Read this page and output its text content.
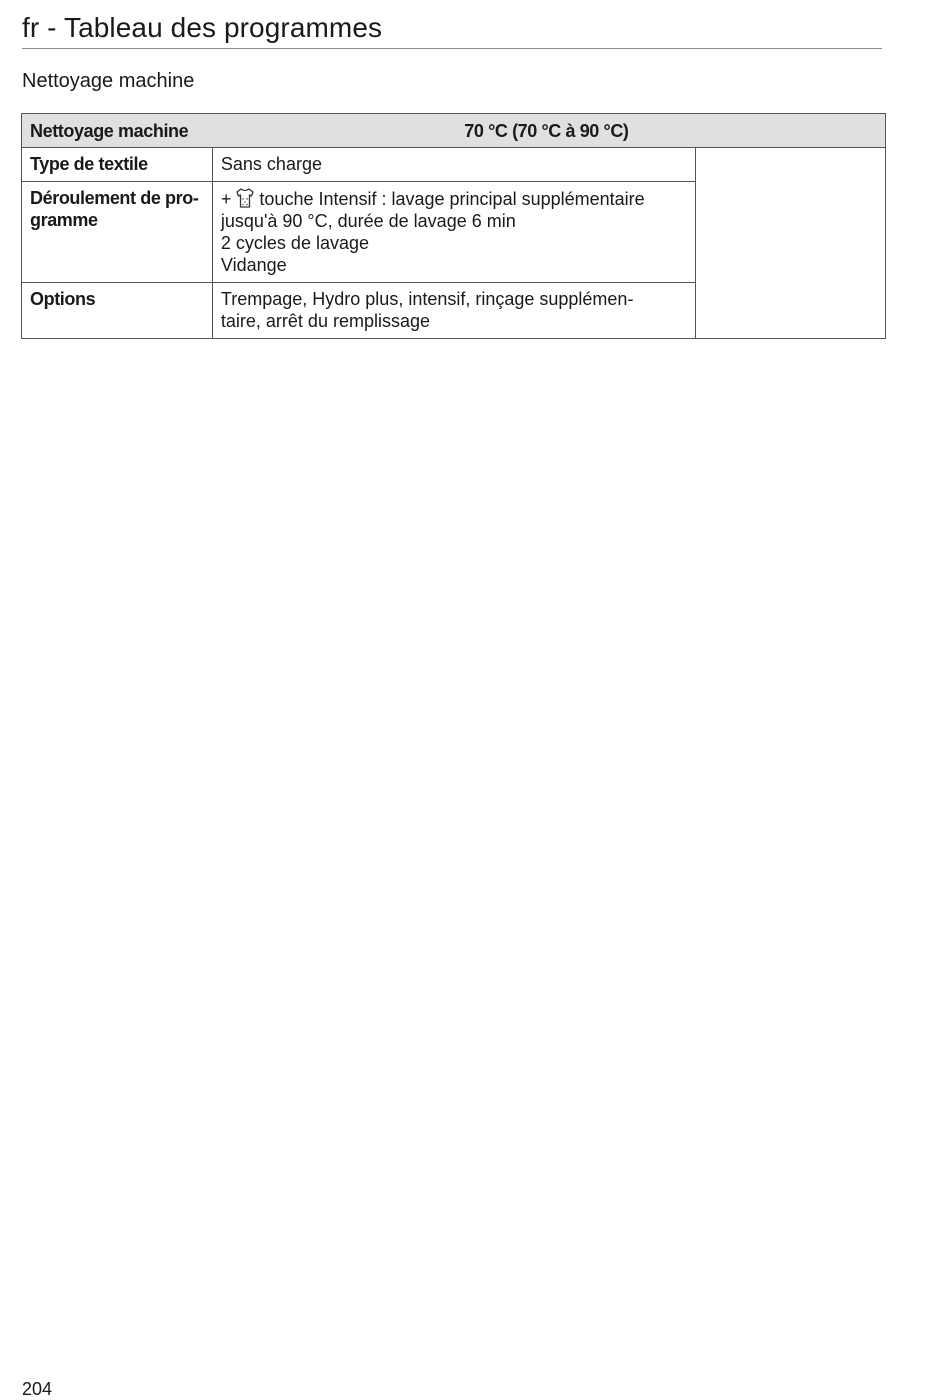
fr - Tableau des programmes
Nettoyage machine
Nettoyage machine 70 °C (70 °C à 90 °C)		
Type de textile	Sans charge	

Déroulement de pro-
gramme	+ touche Intensif : lavage principal supplémentaire
jusqu'à 90 °C, durée de lavage 6 min
2 cycles de lavage
Vidange	

Options	Trempage, Hydro plus, intensif, rinçage supplémen-
taire, arrêt du remplissage	
204
